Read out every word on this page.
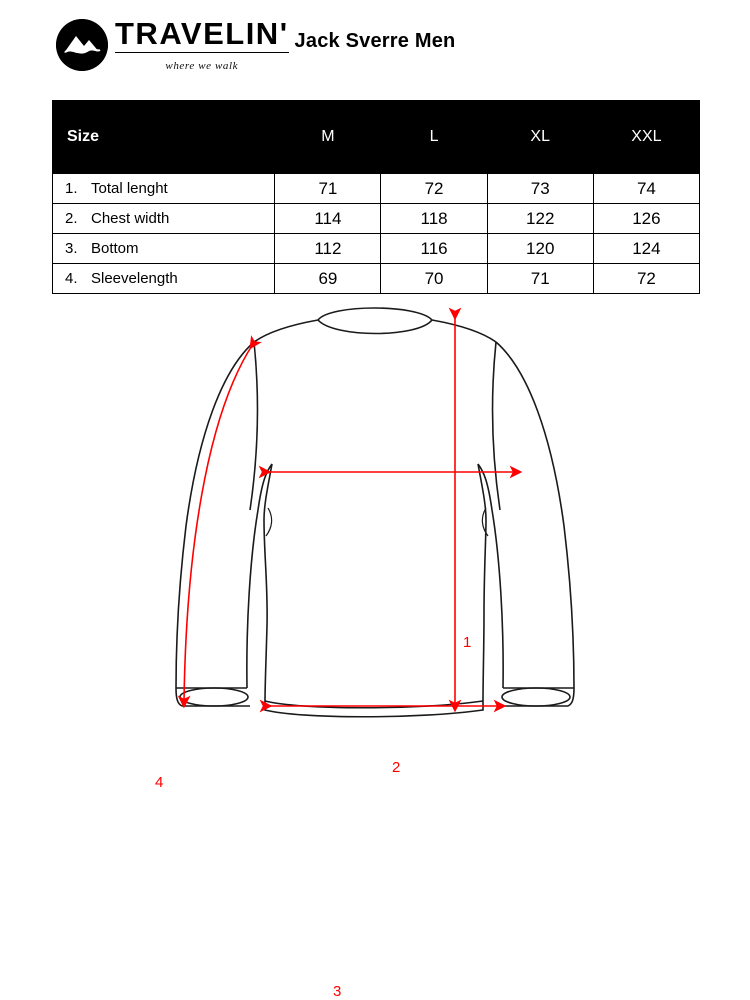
TRAVELIN'
where we walk
Jack Sverre Men
Size	M	L	XL	XXL

1. Total lenght	71	72	73	74

2. Chest width	114	118	122	126

3. Bottom	112	116	120	124

4. Sleevelength	69	70	71	72
1
2
3
4
